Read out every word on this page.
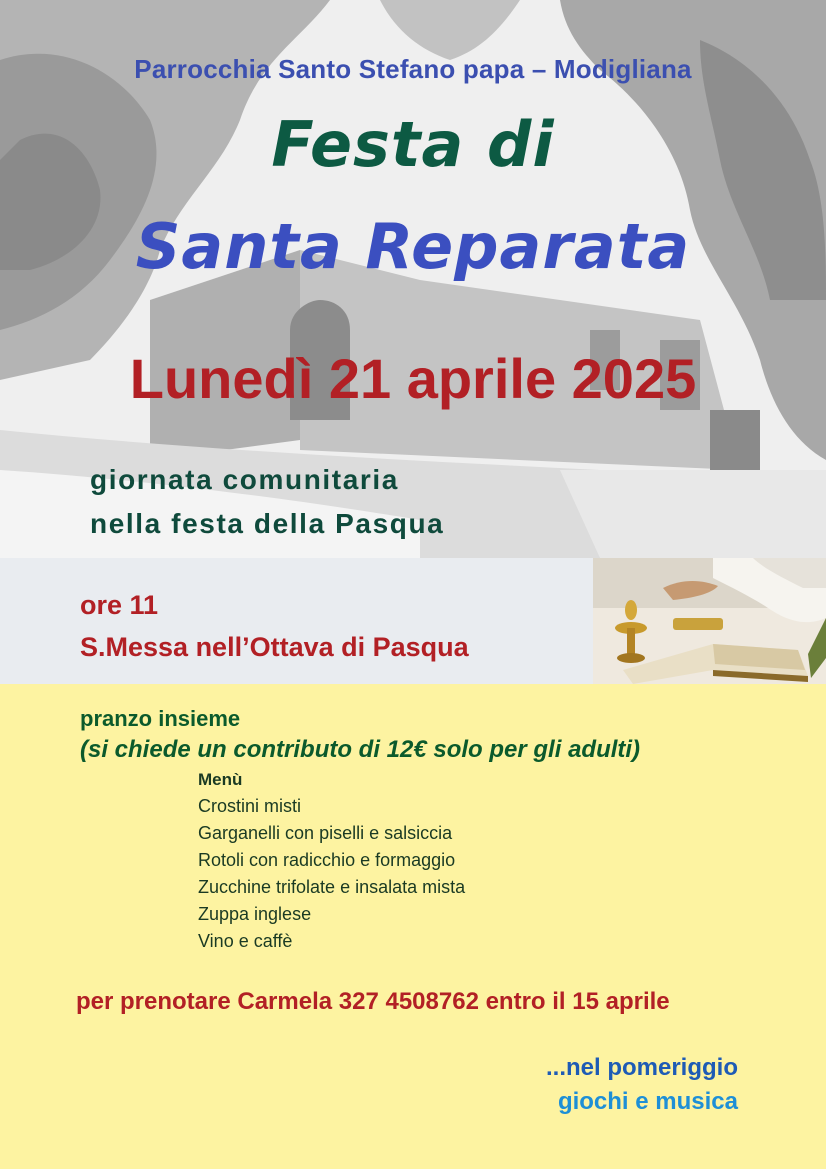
Parrocchia Santo Stefano papa – Modigliana
Festa di
Santa Reparata
Lunedì 21 aprile 2025
giornata comunitaria
nella festa della Pasqua
ore 11
S.Messa nell’Ottava di Pasqua
pranzo insieme
(si chiede un contributo di 12€ solo per gli adulti)
Menù
Crostini misti
Garganelli con piselli e salsiccia
Rotoli con radicchio e formaggio
Zucchine trifolate e insalata mista
Zuppa inglese
Vino e caffè
per prenotare Carmela 327 4508762 entro il 15 aprile
...nel pomeriggio
giochi e musica
